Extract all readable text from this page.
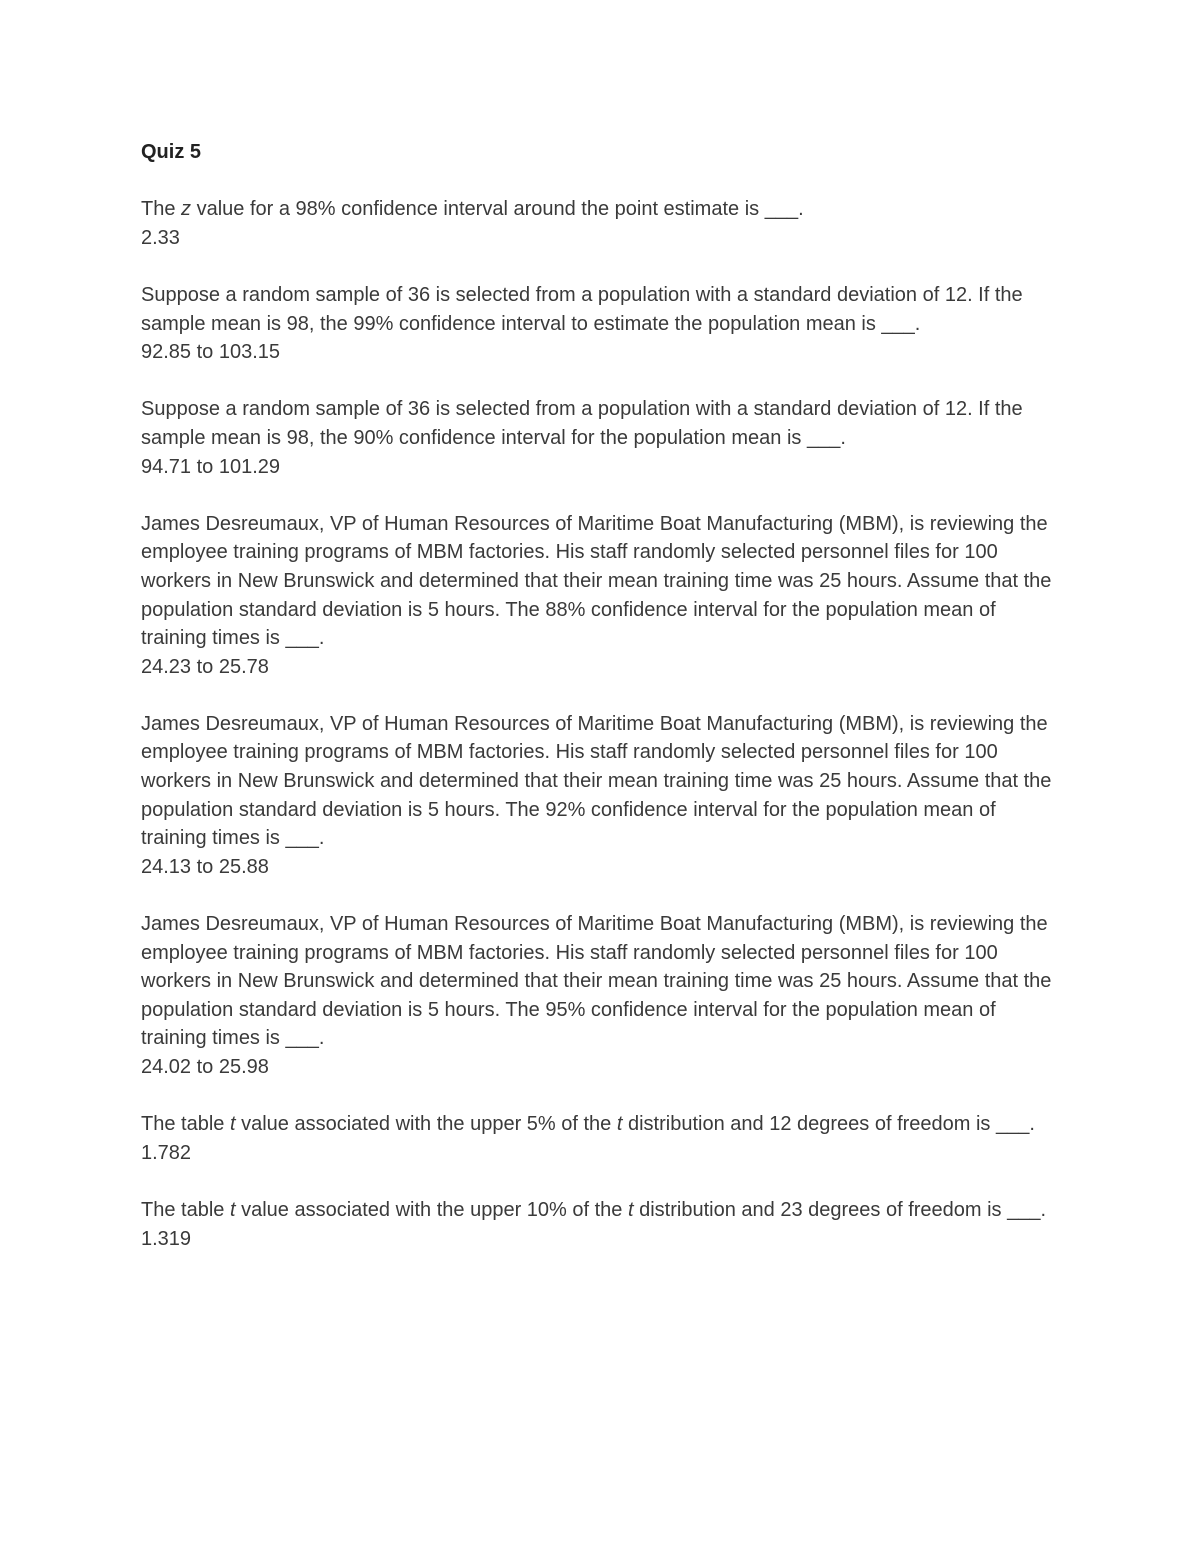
Quiz 5

The z value for a 98% confidence interval around the point estimate is ___.

2.33

Suppose a random sample of 36 is selected from a population with a standard deviation of 12. If the sample mean is 98, the 99% confidence interval to estimate the population mean is ___.

92.85 to 103.15

Suppose a random sample of 36 is selected from a population with a standard deviation of 12. If the sample mean is 98, the 90% confidence interval for the population mean is ___.

94.71 to 101.29

James Desreumaux, VP of Human Resources of Maritime Boat Manufacturing (MBM), is reviewing the employee training programs of MBM factories. His staff randomly selected personnel files for 100 workers in New Brunswick and determined that their mean training time was 25 hours. Assume that the population standard deviation is 5 hours. The 88% confidence interval for the population mean of training times is ___.

24.23 to 25.78

James Desreumaux, VP of Human Resources of Maritime Boat Manufacturing (MBM), is reviewing the employee training programs of MBM factories. His staff randomly selected personnel files for 100 workers in New Brunswick and determined that their mean training time was 25 hours. Assume that the population standard deviation is 5 hours. The 92% confidence interval for the population mean of training times is ___.

24.13 to 25.88

James Desreumaux, VP of Human Resources of Maritime Boat Manufacturing (MBM), is reviewing the employee training programs of MBM factories. His staff randomly selected personnel files for 100 workers in New Brunswick and determined that their mean training time was 25 hours. Assume that the population standard deviation is 5 hours. The 95% confidence interval for the population mean of training times is ___.

24.02 to 25.98

The table t value associated with the upper 5% of the t distribution and 12 degrees of freedom is ___.

1.782

The table t value associated with the upper 10% of the t distribution and 23 degrees of freedom is ___.

1.319
